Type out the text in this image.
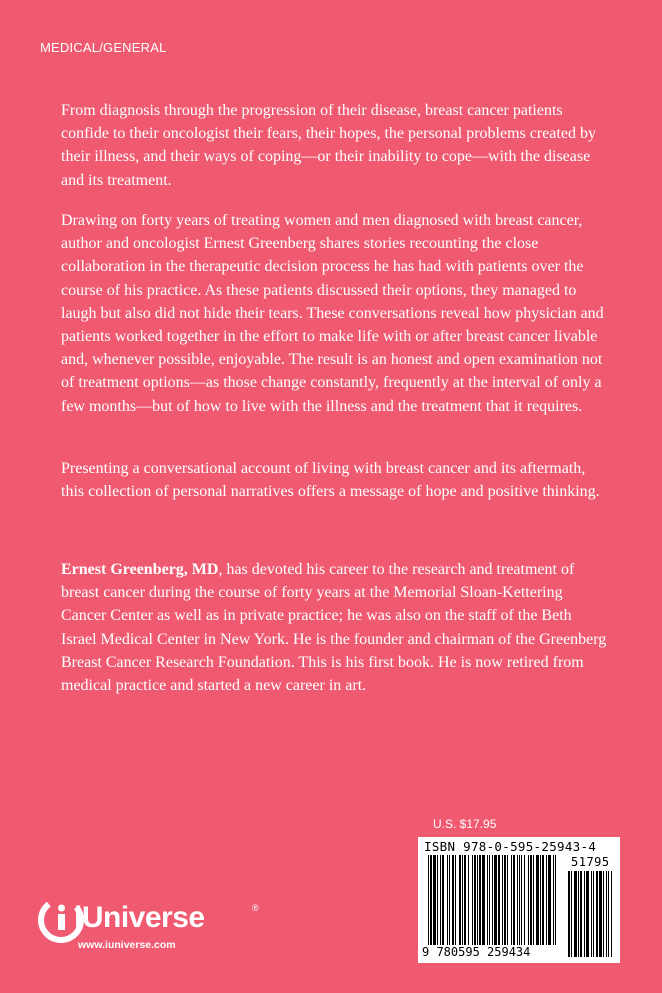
MEDICAL/GENERAL

From diagnosis through the progression of their disease, breast cancer patients confide to their oncologist their fears, their hopes, the personal problems created by their illness, and their ways of coping—or their inability to cope—with the disease and its treatment.

Drawing on forty years of treating women and men diagnosed with breast cancer, author and oncologist Ernest Greenberg shares stories recounting the close collaboration in the therapeutic decision process he has had with patients over the course of his practice. As these patients discussed their options, they managed to laugh but also did not hide their tears. These conversations reveal how physician and patients worked together in the effort to make life with or after breast cancer livable and, whenever possible, enjoyable. The result is an honest and open examination not of treatment options—as those change constantly, frequently at the interval of only a few months—but of how to live with the illness and the treatment that it requires.

Presenting a conversational account of living with breast cancer and its aftermath, this collection of personal narratives offers a message of hope and positive thinking.

Ernest Greenberg, MD, has devoted his career to the research and treatment of breast cancer during the course of forty years at the Memorial Sloan-Kettering Cancer Center as well as in private practice; he was also on the staff of the Beth Israel Medical Center in New York. He is the founder and chairman of the Greenberg Breast Cancer Research Foundation. This is his first book. He is now retired from medical practice and started a new career in art.

U.S. $17.95
ISBN 978-0-595-25943-4
51795
9 780595 259434
iUniverse	®
www.iuniverse.com
